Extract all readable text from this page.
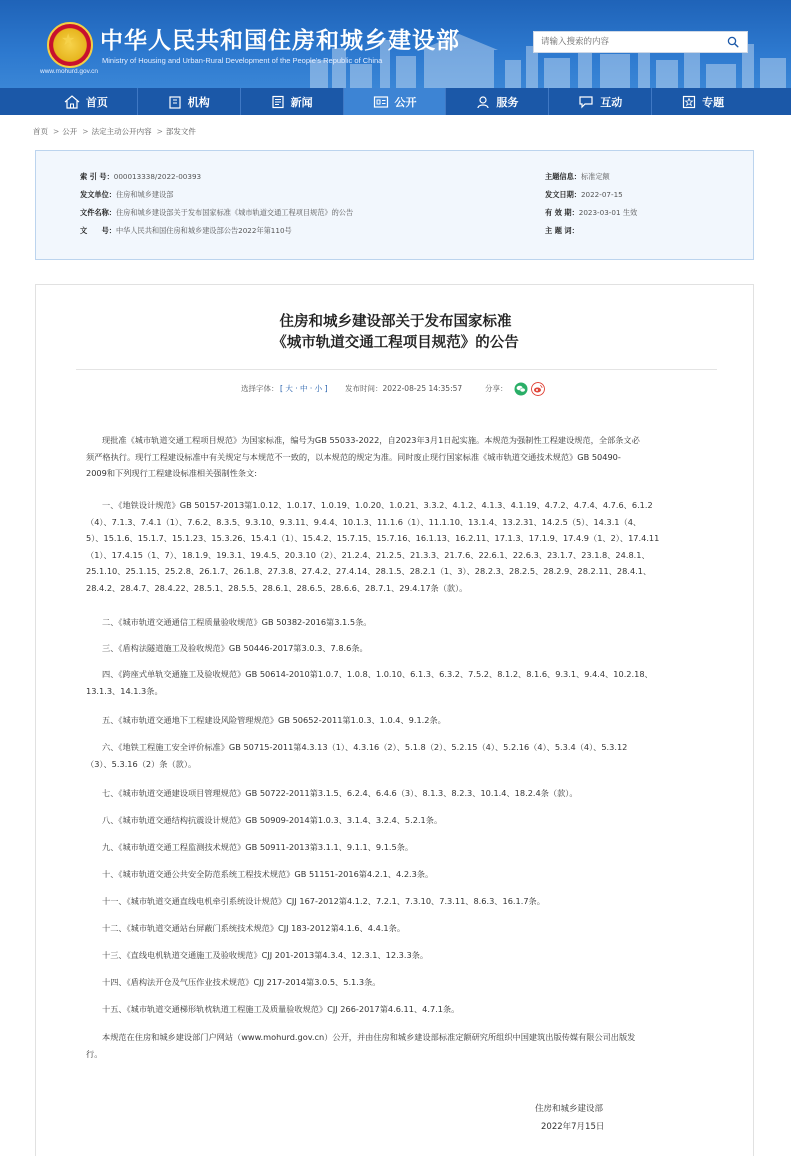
★ 中华人民共和国住房和城乡建设部
Ministry of Housing and Urban-Rural Development of the People's Republic of China
www.mohurd.gov.cn
请输入搜索的内容
首页	机构	新闻	公开	服务	互动	专题
首页 > 公开 > 法定主动公开内容 > 部发文件
索 引 号：000013338/2022-00393
发文单位：住房和城乡建设部
文件名称：住房和城乡建设部关于发布国家标准《城市轨道交通工程项目规范》的公告
文　　号：中华人民共和国住房和城乡建设部公告2022年第110号
主题信息：标准定额
发文日期：2022-07-15
有 效 期：2023-03-01 生效
主 题 词：
住房和城乡建设部关于发布国家标准
《城市轨道交通工程项目规范》的公告
选择字体： [ 大 · 中 · 小 ] 发布时间：2022-08-25 14:35:57	分享：
现批准《城市轨道交通工程项目规范》为国家标准，编号为GB 55033-2022，自2023年3月1日起实施。本规范为强制性工程建设规范，全部条文必
须严格执行。现行工程建设标准中有关规定与本规范不一致的，以本规范的规定为准。同时废止现行国家标准《城市轨道交通技术规范》GB 50490-
2009和下列现行工程建设标准相关强制性条文:
一、《地铁设计规范》GB 50157-2013第1.0.12、1.0.17、1.0.19、1.0.20、1.0.21、3.3.2、4.1.2、4.1.3、4.1.19、4.7.2、4.7.4、4.7.6、6.1.2
（4）、7.1.3、7.4.1（1）、7.6.2、8.3.5、9.3.10、9.3.11、9.4.4、10.1.3、11.1.6（1）、11.1.10、13.1.4、13.2.31、14.2.5（5）、14.3.1（4、
5）、15.1.6、15.1.7、15.1.23、15.3.26、15.4.1（1）、15.4.2、15.7.15、15.7.16、16.1.13、16.2.11、17.1.3、17.1.9、17.4.9（1、2）、17.4.11
（1）、17.4.15（1、7）、18.1.9、19.3.1、19.4.5、20.3.10（2）、21.2.4、21.2.5、21.3.3、21.7.6、22.6.1、22.6.3、23.1.7、23.1.8、24.8.1、
25.1.10、25.1.15、25.2.8、26.1.7、26.1.8、27.3.8、27.4.2、27.4.14、28.1.5、28.2.1（1、3）、28.2.3、28.2.5、28.2.9、28.2.11、28.4.1、
28.4.2、28.4.7、28.4.22、28.5.1、28.5.5、28.6.1、28.6.5、28.6.6、28.7.1、29.4.17条（款）。
二、《城市轨道交通通信工程质量验收规范》GB 50382-2016第3.1.5条。
三、《盾构法隧道施工及验收规范》GB 50446-2017第3.0.3、7.8.6条。
四、《跨座式单轨交通施工及验收规范》GB 50614-2010第1.0.7、1.0.8、1.0.10、6.1.3、6.3.2、7.5.2、8.1.2、8.1.6、9.3.1、9.4.4、10.2.18、
13.1.3、14.1.3条。
五、《城市轨道交通地下工程建设风险管理规范》GB 50652-2011第1.0.3、1.0.4、9.1.2条。
六、《地铁工程施工安全评价标准》GB 50715-2011第4.3.13（1）、4.3.16（2）、5.1.8（2）、5.2.15（4）、5.2.16（4）、5.3.4（4）、5.3.12
（3）、5.3.16（2）条（款）。
七、《城市轨道交通建设项目管理规范》GB 50722-2011第3.1.5、6.2.4、6.4.6（3）、8.1.3、8.2.3、10.1.4、18.2.4条（款）。
八、《城市轨道交通结构抗震设计规范》GB 50909-2014第1.0.3、3.1.4、3.2.4、5.2.1条。
九、《城市轨道交通工程监测技术规范》GB 50911-2013第3.1.1、9.1.1、9.1.5条。
十、《城市轨道交通公共安全防范系统工程技术规范》GB 51151-2016第4.2.1、4.2.3条。
十一、《城市轨道交通直线电机牵引系统设计规范》CJJ 167-2012第4.1.2、7.2.1、7.3.10、7.3.11、8.6.3、16.1.7条。
十二、《城市轨道交通站台屏蔽门系统技术规范》CJJ 183-2012第4.1.6、4.4.1条。
十三、《直线电机轨道交通施工及验收规范》CJJ 201-2013第4.3.4、12.3.1、12.3.3条。
十四、《盾构法开仓及气压作业技术规范》CJJ 217-2014第3.0.5、5.1.3条。
十五、《城市轨道交通梯形轨枕轨道工程施工及质量验收规范》CJJ 266-2017第4.6.11、4.7.1条。
本规范在住房和城乡建设部门户网站（www.mohurd.gov.cn）公开，并由住房和城乡建设部标准定额研究所组织中国建筑出版传媒有限公司出版发
行。
住房和城乡建设部
2022年7月15日
